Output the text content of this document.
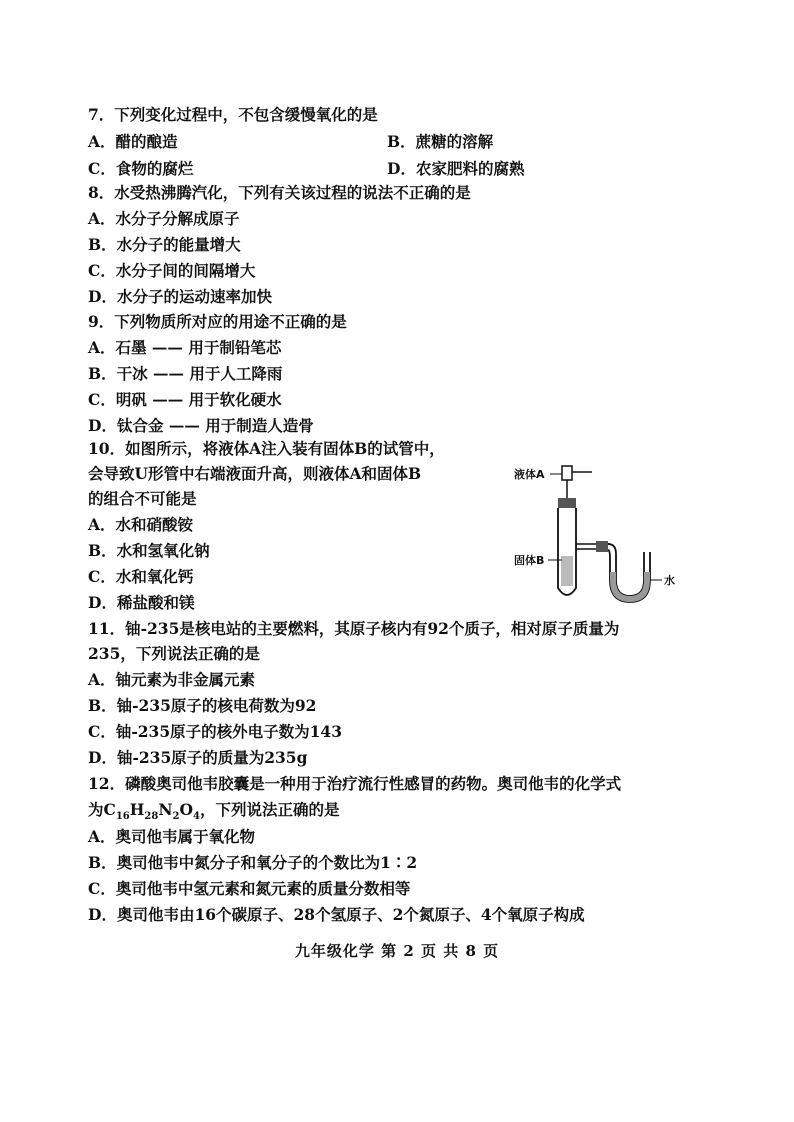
7．下列变化过程中，不包含缓慢氧化的是
A．醋的酿造	B．蔗糖的溶解
C．食物的腐烂	D．农家肥料的腐熟
8．水受热沸腾汽化，下列有关该过程的说法不正确的是
A．水分子分解成原子
B．水分子的能量增大
C．水分子间的间隔增大
D．水分子的运动速率加快
9．下列物质所对应的用途不正确的是
A．石墨 —— 用于制铅笔芯
B．干冰 —— 用于人工降雨
C．明矾 —— 用于软化硬水
D．钛合金 —— 用于制造人造骨
10．如图所示，将液体A注入装有固体B的试管中，
会导致U形管中右端液面升高，则液体A和固体B
的组合不可能是
A．水和硝酸铵
B．水和氢氧化钠
C．水和氧化钙
D．稀盐酸和镁
液体A
固体B
水
11．铀-235是核电站的主要燃料，其原子核内有92个质子，相对原子质量为
235，下列说法正确的是
A．铀元素为非金属元素
B．铀-235原子的核电荷数为92
C．铀-235原子的核外电子数为143
D．铀-235原子的质量为235g
12．磷酸奥司他韦胶囊是一种用于治疗流行性感冒的药物。奥司他韦的化学式
为$C_{16}H_{28}N_2O_4$，下列说法正确的是
A．奥司他韦属于氧化物
B．奥司他韦中氮分子和氧分子的个数比为1∶2
C．奥司他韦中氢元素和氮元素的质量分数相等
D．奥司他韦由16个碳原子、28个氢原子、2个氮原子、4个氧原子构成
九年级化学 第 2 页 共 8 页
